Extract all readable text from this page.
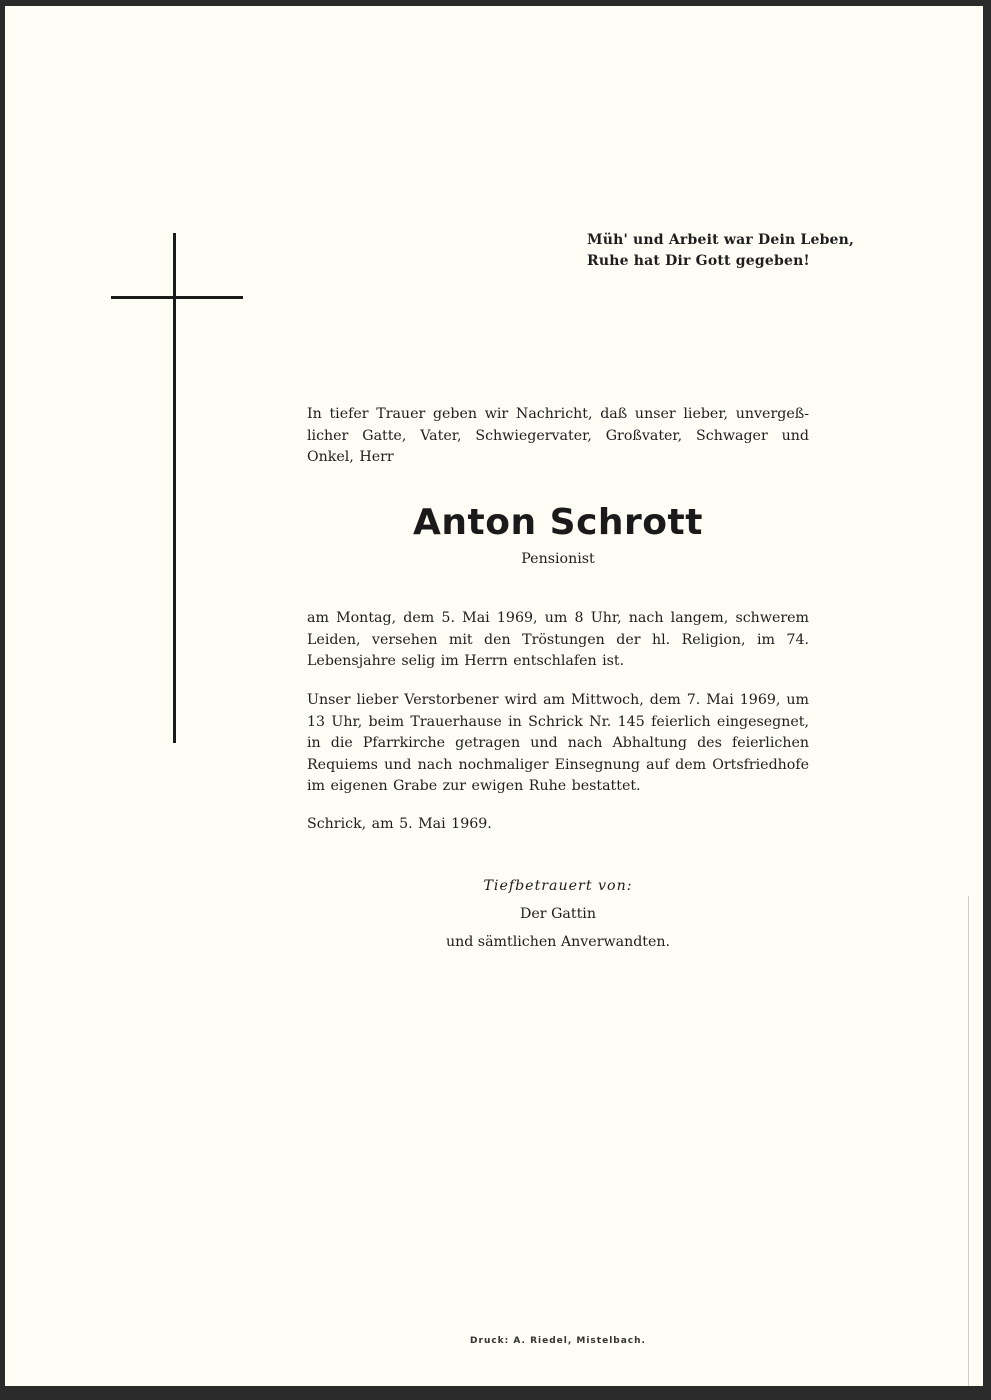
Müh' und Arbeit war Dein Leben,
Ruhe hat Dir Gott gegeben!
In tiefer Trauer geben wir Nachricht, daß unser lieber, unvergeß-licher Gatte, Vater, Schwiegervater, Großvater, Schwager und Onkel, Herr
Anton Schrott
Pensionist
am Montag, dem 5. Mai 1969, um 8 Uhr, nach langem, schwerem Leiden, versehen mit den Tröstungen der hl. Religion, im 74. Lebensjahre selig im Herrn entschlafen ist.
Unser lieber Verstorbener wird am Mittwoch, dem 7. Mai 1969, um 13 Uhr, beim Trauerhause in Schrick Nr. 145 feierlich eingesegnet, in die Pfarrkirche getragen und nach Abhaltung des feierlichen Requiems und nach nochmaliger Einsegnung auf dem Ortsfriedhofe im eigenen Grabe zur ewigen Ruhe bestattet.
Schrick, am 5. Mai 1969.
Tiefbetrauert von:
Der Gattin
und sämtlichen Anverwandten.
Druck: A. Riedel, Mistelbach.
